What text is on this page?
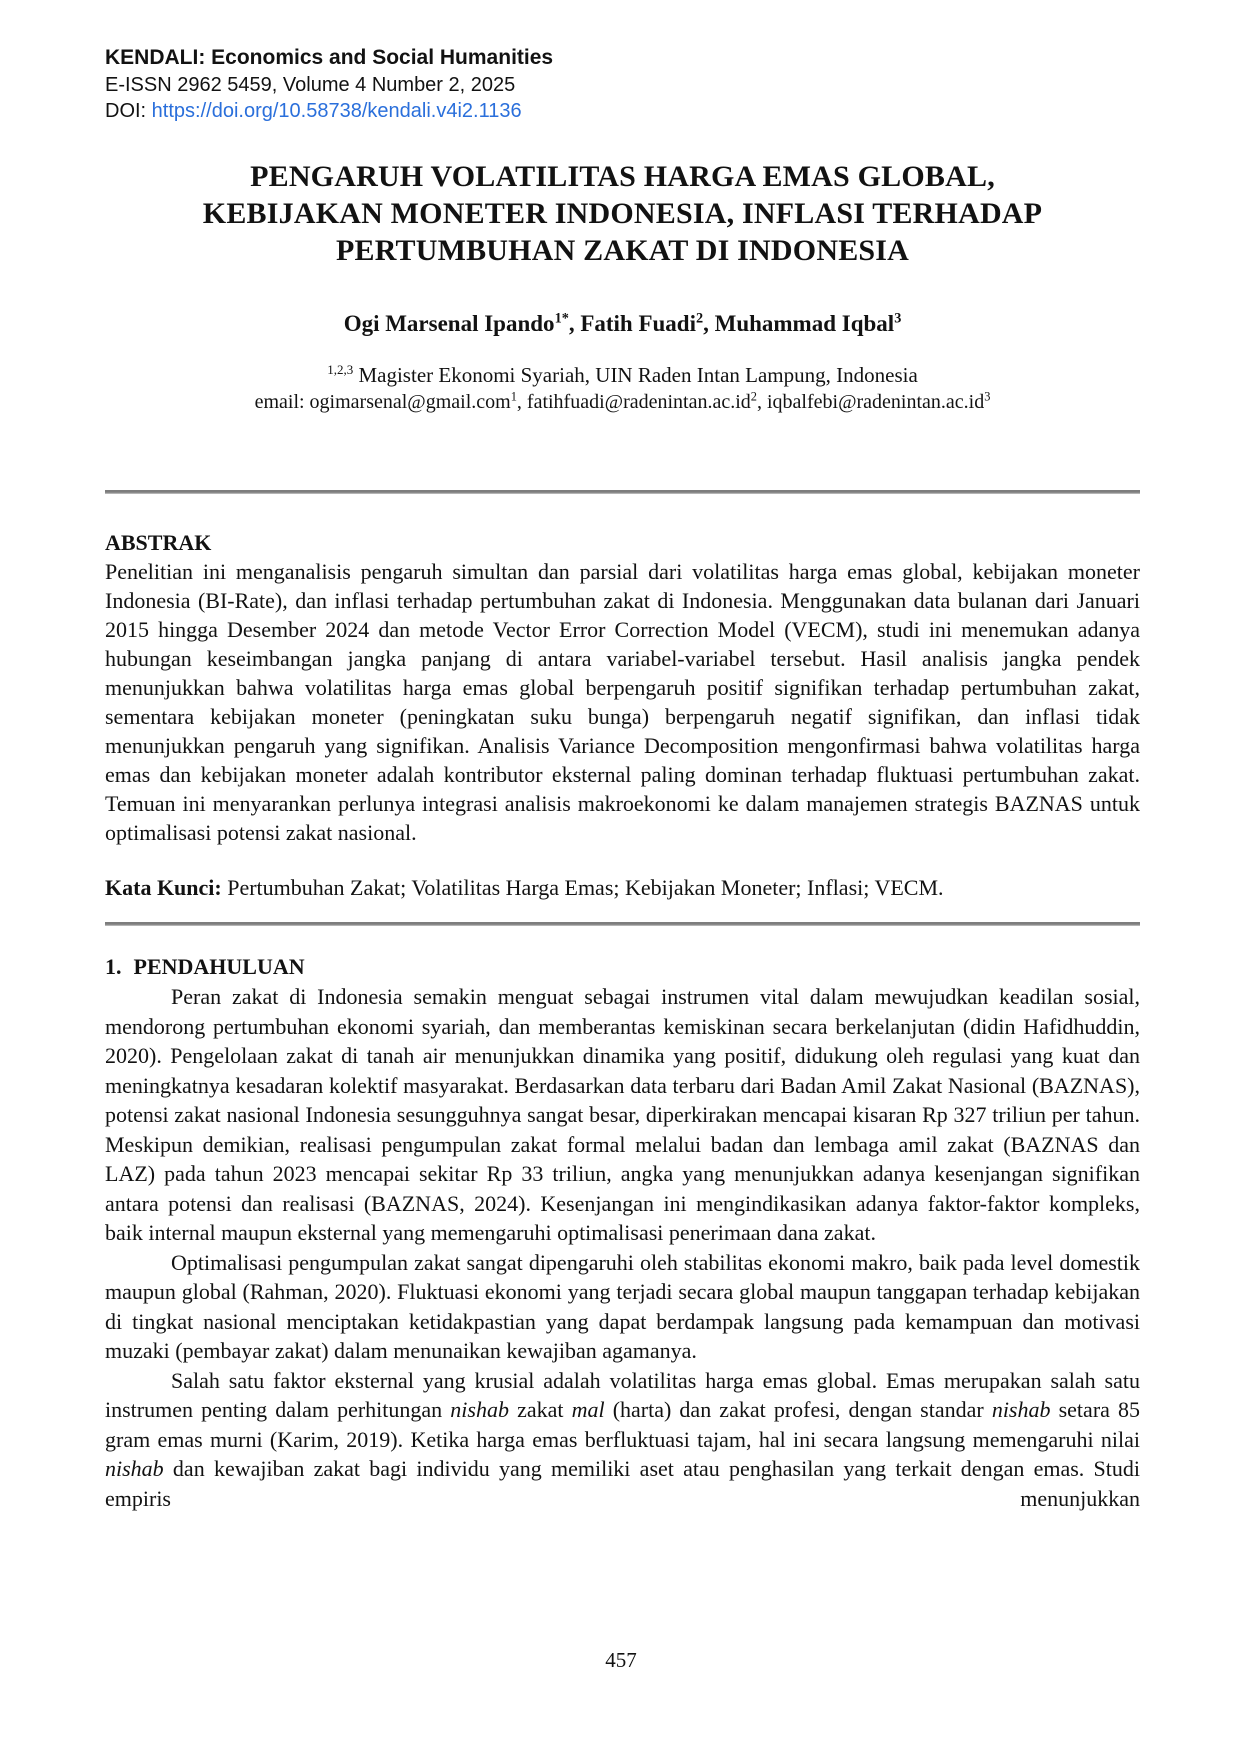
KENDALI: Economics and Social Humanities
E-ISSN 2962 5459, Volume 4 Number 2, 2025
DOI: https://doi.org/10.58738/kendali.v4i2.1136
PENGARUH VOLATILITAS HARGA EMAS GLOBAL,
KEBIJAKAN MONETER INDONESIA, INFLASI TERHADAP
PERTUMBUHAN ZAKAT DI INDONESIA
Ogi Marsenal Ipando$^{1*}$, Fatih Fuadi$^2$, Muhammad Iqbal$^3$
$^{1,2,3}$ Magister Ekonomi Syariah, UIN Raden Intan Lampung, Indonesia
email: ogimarsenal@gmail.com$^1$, $fatihfuadi@radenintan.ac.id^2$, $iqbalfebi@radenintan.ac.id^3$
ABSTRAK
Penelitian ini menganalisis pengaruh simultan dan parsial dari volatilitas harga emas global, kebijakan moneter Indonesia (BI-Rate), dan inflasi terhadap pertumbuhan zakat di Indonesia. Menggunakan data bulanan dari Januari 2015 hingga Desember 2024 dan metode Vector Error Correction Model (VECM), studi ini menemukan adanya hubungan keseimbangan jangka panjang di antara variabel-variabel tersebut. Hasil analisis jangka pendek menunjukkan bahwa volatilitas harga emas global berpengaruh positif signifikan terhadap pertumbuhan zakat, sementara kebijakan moneter (peningkatan suku bunga) berpengaruh negatif signifikan, dan inflasi tidak menunjukkan pengaruh yang signifikan. Analisis Variance Decomposition mengonfirmasi bahwa volatilitas harga emas dan kebijakan moneter adalah kontributor eksternal paling dominan terhadap fluktuasi pertumbuhan zakat. Temuan ini menyarankan perlunya integrasi analisis makroekonomi ke dalam manajemen strategis BAZNAS untuk optimalisasi potensi zakat nasional.
Kata Kunci: Pertumbuhan Zakat; Volatilitas Harga Emas; Kebijakan Moneter; Inflasi; VECM.
1. PENDAHULUAN

Peran zakat di Indonesia semakin menguat sebagai instrumen vital dalam mewujudkan keadilan sosial, mendorong pertumbuhan ekonomi syariah, dan memberantas kemiskinan secara berkelanjutan (didin Hafidhuddin, 2020). Pengelolaan zakat di tanah air menunjukkan dinamika yang positif, didukung oleh regulasi yang kuat dan meningkatnya kesadaran kolektif masyarakat. Berdasarkan data terbaru dari Badan Amil Zakat Nasional (BAZNAS), potensi zakat nasional Indonesia sesungguhnya sangat besar, diperkirakan mencapai kisaran Rp 327 triliun per tahun. Meskipun demikian, realisasi pengumpulan zakat formal melalui badan dan lembaga amil zakat (BAZNAS dan LAZ) pada tahun 2023 mencapai sekitar Rp 33 triliun, angka yang menunjukkan adanya kesenjangan signifikan antara potensi dan realisasi (BAZNAS, 2024). Kesenjangan ini mengindikasikan adanya faktor-faktor kompleks, baik internal maupun eksternal yang memengaruhi optimalisasi penerimaan dana zakat.

Optimalisasi pengumpulan zakat sangat dipengaruhi oleh stabilitas ekonomi makro, baik pada level domestik maupun global (Rahman, 2020). Fluktuasi ekonomi yang terjadi secara global maupun tanggapan terhadap kebijakan di tingkat nasional menciptakan ketidakpastian yang dapat berdampak langsung pada kemampuan dan motivasi muzaki (pembayar zakat) dalam menunaikan kewajiban agamanya.

Salah satu faktor eksternal yang krusial adalah volatilitas harga emas global. Emas merupakan salah satu instrumen penting dalam perhitungan nishab zakat mal (harta) dan zakat profesi, dengan standar nishab setara 85 gram emas murni (Karim, 2019). Ketika harga emas berfluktuasi tajam, hal ini secara langsung memengaruhi nilai nishab dan kewajiban zakat bagi individu yang memiliki aset atau penghasilan yang terkait dengan emas. Studi empiris menunjukkan

457
